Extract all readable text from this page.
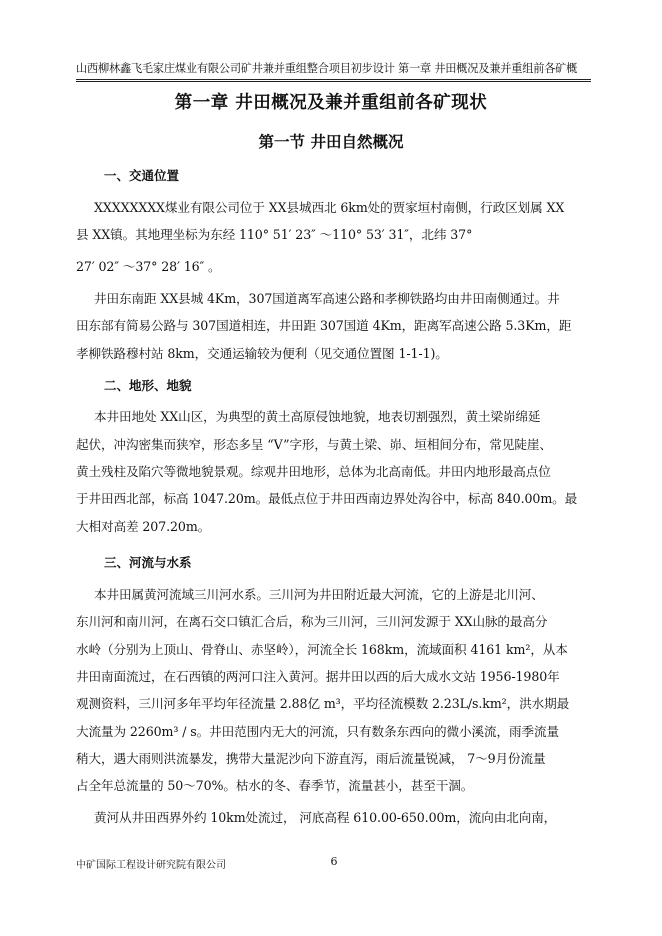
山西柳林鑫飞毛家庄煤业有限公司矿井兼并重组整合项目初步设计 第一章 井田概况及兼并重组前各矿概
第一章 井田概况及兼并重组前各矿现状
第一节 井田自然概况
一、交通位置
XXXXXXXX煤业有限公司位于 XX县城西北 6km处的贾家垣村南侧，行政区划属 XX
县 XX镇。其地理坐标为东经 110° 51′ 23″ ～110° 53′ 31″，北纬 37°
27′ 02″ ～37° 28′ 16″ 。
井田东南距 XX县城 4Km，307国道离军高速公路和孝柳铁路均由井田南侧通过。井
田东部有简易公路与 307国道相连，井田距 307国道 4Km，距离军高速公路 5.3Km，距
孝柳铁路穆村站 8km，交通运输较为便利（见交通位置图 1-1-1)。
二、地形、地貌
本井田地处 XX山区，为典型的黄土高原侵蚀地貌，地表切割强烈，黄土梁峁绵延
起伏，冲沟密集而狭窄，形态多呈 “V”字形，与黄土梁、峁、垣相间分布，常见陡崖、
黄土残柱及陷穴等微地貌景观。综观井田地形，总体为北高南低。井田内地形最高点位
于井田西北部，标高 1047.20m。最低点位于井田西南边界处沟谷中，标高 840.00m。最
大相对高差 207.20m。
三、河流与水系
本井田属黄河流域三川河水系。三川河为井田附近最大河流，它的上游是北川河、
东川河和南川河，在离石交口镇汇合后，称为三川河，三川河发源于 XX山脉的最高分
水岭（分别为上顶山、骨脊山、赤坚岭），河流全长 168km，流域面积 4161 km²，从本
井田南面流过，在石西镇的两河口注入黄河。据井田以西的后大成水文站 1956-1980年
观测资料，三川河多年平均年径流量 2.88亿 m³，平均径流模数 2.23L/s.km²，洪水期最
大流量为 2260m³ / s。井田范围内无大的河流，只有数条东西向的微小溪流，雨季流量
稍大，遇大雨则洪流暴发，携带大量泥沙向下游直泻，雨后流量锐减， 7～9月份流量
占全年总流量的 50～70%。枯水的冬、春季节，流量甚小，甚至干涸。
黄河从井田西界外约 10km处流过， 河底高程 610.00-650.00m，流向由北向南，
中矿国际工程设计研究院有限公司	6
